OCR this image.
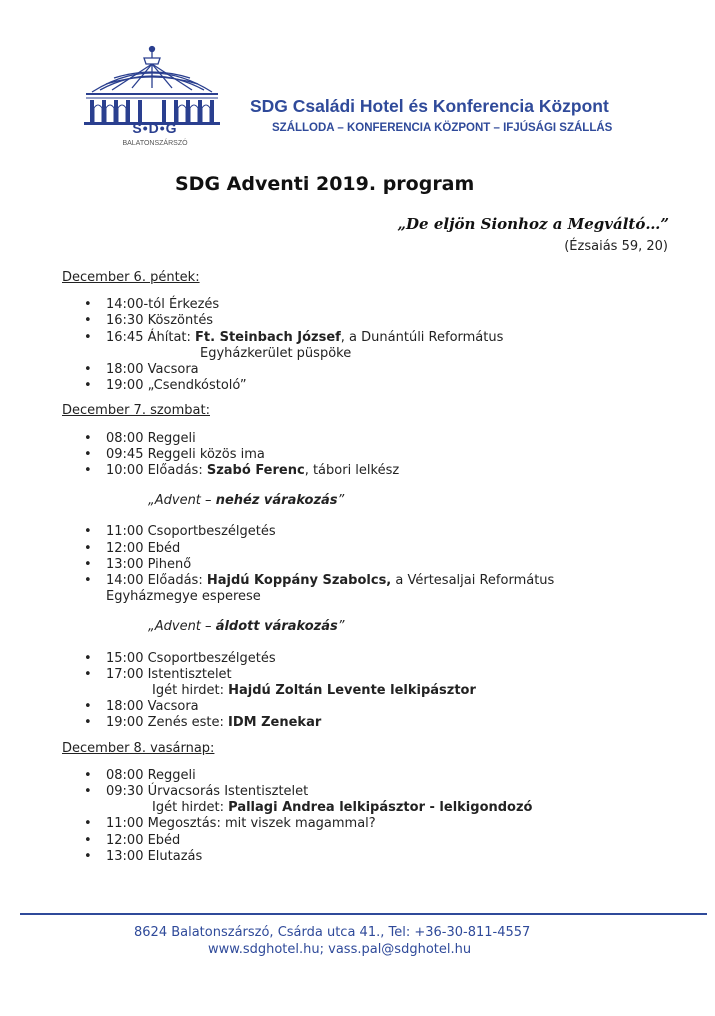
S•D•G
BALATONSZÁRSZÓ
SDG Családi Hotel és Konferencia Központ
SZÁLLODA – KONFERENCIA KÖZPONT – IFJÚSÁGI SZÁLLÁS
SDG Adventi 2019. program
„De eljön Sionhoz a Megváltó…”
(Ézsaiás 59, 20)
December 6. péntek:
• 14:00-tól Érkezés
• 16:30 Köszöntés
• 16:45 Áhítat: Ft. Steinbach József, a Dunántúli Református
Egyházkerület püspöke
• 18:00 Vacsora
• 19:00 „Csendkóstoló”
December 7. szombat:
• 08:00 Reggeli
• 09:45 Reggeli közös ima
• 10:00 Előadás: Szabó Ferenc, tábori lelkész
„Advent – nehéz várakozás”
• 11:00 Csoportbeszélgetés
• 12:00 Ebéd
• 13:00 Pihenő
• 14:00 Előadás: Hajdú Koppány Szabolcs, a Vértesaljai Református
Egyházmegye esperese
„Advent – áldott várakozás”
• 15:00 Csoportbeszélgetés
• 17:00 Istentisztelet
Igét hirdet: Hajdú Zoltán Levente lelkipásztor
• 18:00 Vacsora
• 19:00 Zenés este: IDM Zenekar
December 8. vasárnap:
• 08:00 Reggeli
• 09:30 Úrvacsorás Istentisztelet
Igét hirdet: Pallagi Andrea lelkipásztor - lelkigondozó
• 11:00 Megosztás: mit viszek magammal?
• 12:00 Ebéd
• 13:00 Elutazás
8624 Balatonszárszó, Csárda utca 41., Tel: +36-30-811-4557
www.sdghotel.hu; vass.pal@sdghotel.hu
